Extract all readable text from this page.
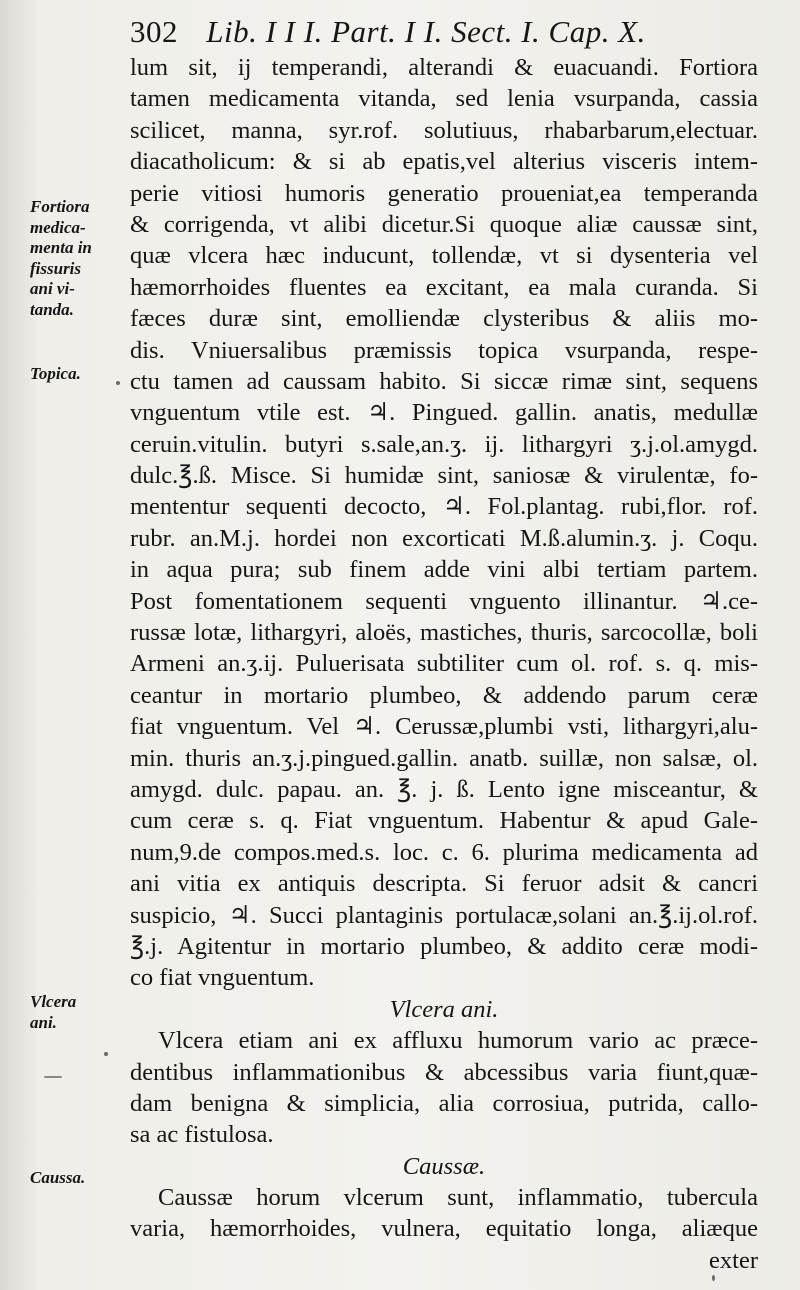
302 Lib. I I I. Part. I I. Sect. I. Cap. X.
Fortiora
medica-
menta in
fissuris
ani vi-
tanda.
Topica.
Vlcera
ani.
Caussa.
lum sit, ij temperandi, alterandi & euacuandi. Fortiora
tamen medicamenta vitanda, sed lenia vsurpanda, cassia
scilicet, manna, syr.rof. solutiuus, rhabarbarum,electuar.
diacatholicum: & si ab epatis,vel alterius visceris intem-
perie vitiosi humoris generatio proueniat,ea temperanda
& corrigenda, vt alibi dicetur.Si quoque aliæ caussæ sint,
quæ vlcera hæc inducunt, tollendæ, vt si dysenteria vel
hæmorrhoides fluentes ea excitant, ea mala curanda. Si
fæces duræ sint, emolliendæ clysteribus & aliis mo-
dis. Vniuersalibus præmissis topica vsurpanda, respe-
ctu tamen ad caussam habito. Si siccæ rimæ sint, sequens
vnguentum vtile est. ♃. Pingued. gallin. anatis, medullæ
ceruin.vitulin. butyri s.sale,an.ʒ. ij. lithargyri ʒ.j.ol.amygd.
dulc.℥.ß. Misce. Si humidæ sint, saniosæ & virulentæ, fo-
mententur sequenti decocto, ♃. Fol.plantag. rubi,flor. rof.
rubr. an.M.j. hordei non excorticati M.ß.alumin.ʒ. j. Coqu.
in aqua pura; sub finem adde vini albi tertiam partem.
Post fomentationem sequenti vnguento illinantur. ♃.ce-
russæ lotæ, lithargyri, aloës, mastiches, thuris, sarcocollæ, boli
Armeni an.ʒ.ij. Puluerisata subtiliter cum ol. rof. s. q. mis-
ceantur in mortario plumbeo, & addendo parum ceræ
fiat vnguentum. Vel ♃. Cerussæ,plumbi vsti, lithargyri,alu-
min. thuris an.ʒ.j.pingued.gallin. anatb. suillæ, non salsæ, ol.
amygd. dulc. papau. an. ℥. j. ß. Lento igne misceantur, &
cum ceræ s. q. Fiat vnguentum. Habentur & apud Gale-
num,9.de compos.med.s. loc. c. 6. plurima medicamenta ad
ani vitia ex antiquis descripta. Si feruor adsit & cancri
suspicio, ♃. Succi plantaginis portulacæ,solani an.℥.ij.ol.rof.
℥.j. Agitentur in mortario plumbeo, & addito ceræ modi-
co fiat vnguentum.
Vlcera ani.
Vlcera etiam ani ex affluxu humorum vario ac præce-
dentibus inflammationibus & abcessibus varia fiunt,quæ-
dam benigna & simplicia, alia corrosiua, putrida, callo-
sa ac fistulosa.
Caussæ.
Caussæ horum vlcerum sunt, inflammatio, tubercula
varia, hæmorrhoides, vulnera, equitatio longa, aliæque
exter
